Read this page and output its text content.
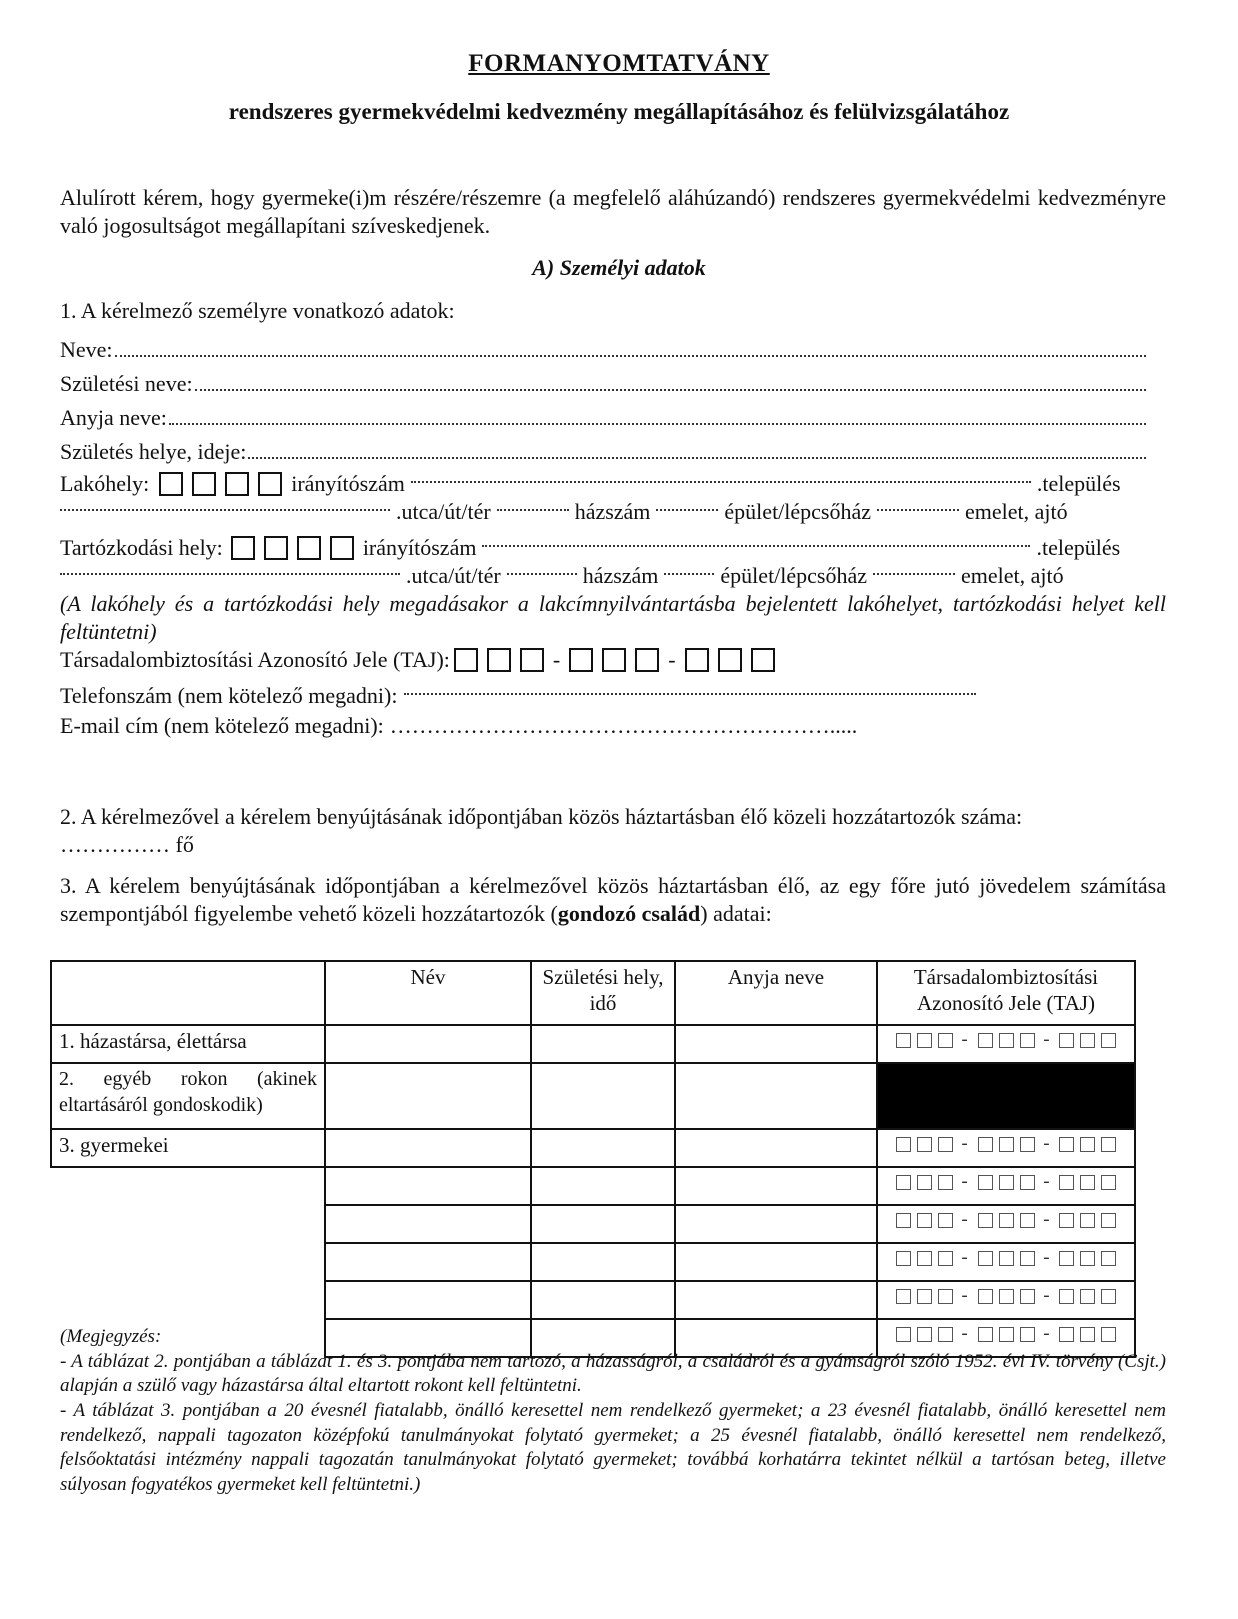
FORMANYOMTATVÁNY
rendszeres gyermekvédelmi kedvezmény megállapításához és felülvizsgálatához
Alulírott kérem, hogy gyermeke(i)m részére/részemre (a megfelelő aláhúzandó) rendszeres gyermekvédelmi kedvezményre való jogosultságot megállapítani szíveskedjenek.
A) Személyi adatok
1. A kérelmező személyre vonatkozó adatok:
Neve:
Születési neve:
Anyja neve:
Születés helye, ideje:
Lakóhely:	irányítószám	.település
.utca/út/tér	házszám	épület/lépcsőház	emelet, ajtó
Tartózkodási hely:	irányítószám	.település
.utca/út/tér	házszám	épület/lépcsőház	emelet, ajtó
(A lakóhely és a tartózkodási hely megadásakor a lakcímnyilvántartásba bejelentett lakóhelyet, tartózkodási helyet kell feltüntetni)
Társadalombiztosítási Azonosító Jele (TAJ):	-	-
Telefonszám (nem kötelező megadni):
E-mail cím (nem kötelező megadni): …………………………………………………….....
2. A kérelmezővel a kérelem benyújtásának időpontjában közös háztartásban élő közeli hozzátartozók száma:
…………… fő
3. A kérelem benyújtásának időpontjában a kérelmezővel közös háztartásban élő, az egy főre jutó jövedelem számítása szempontjából figyelembe vehető közeli hozzátartozók (gondozó család) adatai:
	Név	Születési hely, idő	Anyja neve	Társadalombiztosítási Azonosító Jele (TAJ)
1. házastársa, élettársa				- -
2. egyéb rokon (akinek eltartásáról gondoskodik)				
3. gyermekei				- -
				- -
				- -
				- -
				- -
				- -
(Megjegyzés:
- A táblázat 2. pontjában a táblázat 1. és 3. pontjába nem tartozó, a házasságról, a családról és a gyámságról szóló 1952. évi IV. törvény (Csjt.) alapján a szülő vagy házastársa által eltartott rokont kell feltüntetni.
- A táblázat 3. pontjában a 20 évesnél fiatalabb, önálló keresettel nem rendelkező gyermeket; a 23 évesnél fiatalabb, önálló keresettel nem rendelkező, nappali tagozaton középfokú tanulmányokat folytató gyermeket; a 25 évesnél fiatalabb, önálló keresettel nem rendelkező, felsőoktatási intézmény nappali tagozatán tanulmányokat folytató gyermeket; továbbá korhatárra tekintet nélkül a tartósan beteg, illetve súlyosan fogyatékos gyermeket kell feltüntetni.)
